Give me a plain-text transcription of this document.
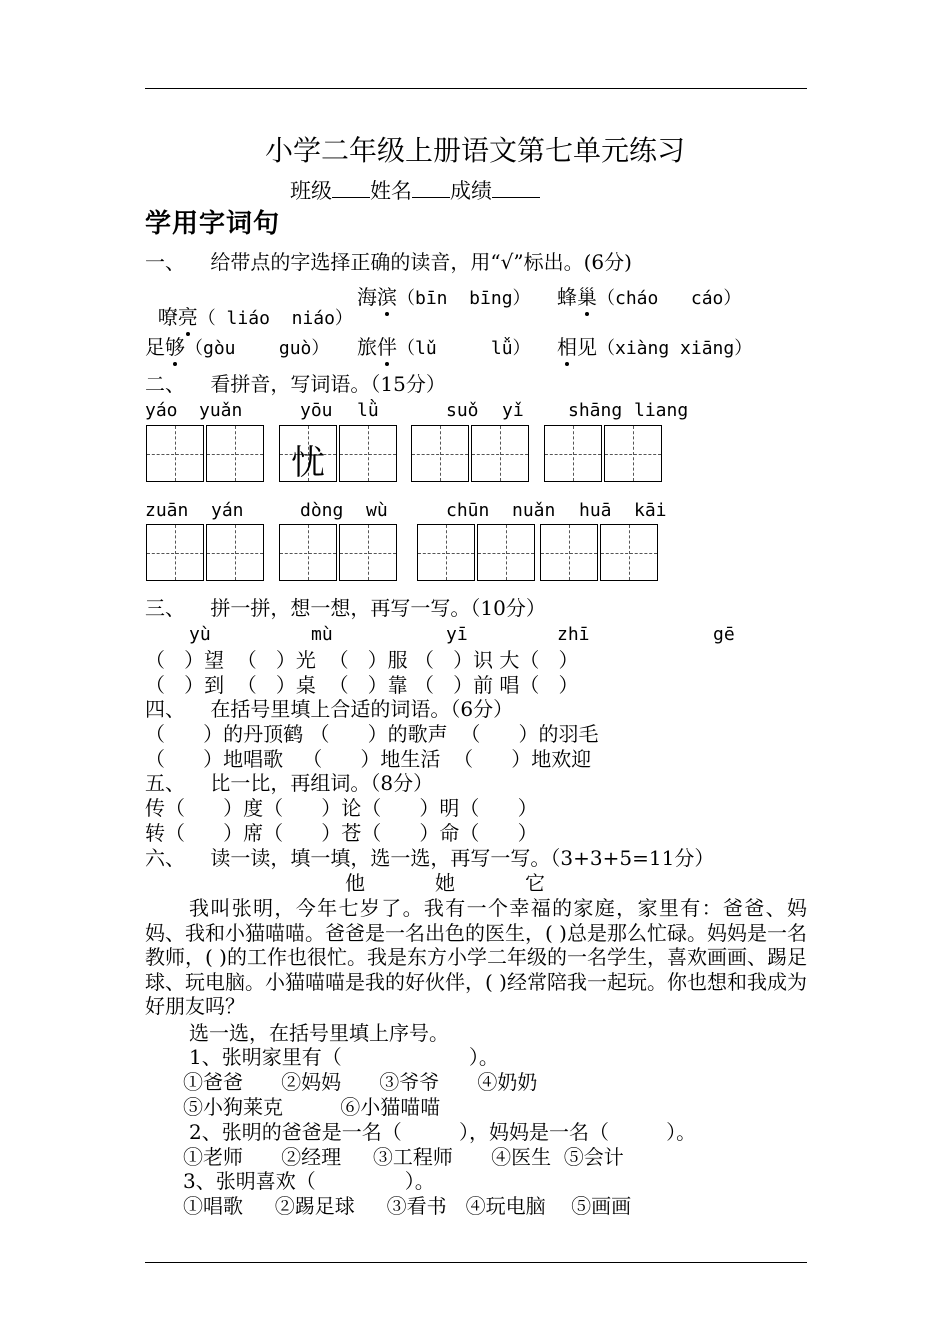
小学二年级上册语文第七单元练习
班级 姓名 成绩
学用字词句
一、    给带点的字选择正确的读音，用“√”标出。(6分)

嘹亮（ liáo  niáo）

海滨（bīn  bīng） 蜂巢（cháo   cáo）
足够（gòu    guò） 旅伴（lǔ     lǚ） 相见（xiàng xiāng）
二、    看拼音，写词语。（15分）
yáo yuǎn	yōu lǜ	suǒ yǐ shāng liang
忧
zuān yán	dòng wù	chūn nuǎn huā kāi
三、    拼一拼，想一想，再写一写。（10分）
yù	mù	yī	zhī	gē
（   ）望  （   ）光  （   ）服 （   ）识 大（   ）
（   ）到  （   ）桌  （   ）靠 （   ）前 唱（   ）
四、    在括号里填上合适的词语。（6分）
（      ）的丹顶鹤 （      ）的歌声  （      ）的羽毛
（      ）地唱歌   （      ）地生活  （      ）地欢迎
五、    比一比，再组词。（8分）
传（      ）度（      ）论（      ）明（      ）
转（      ）席（      ）苍（      ）命（      ）
六、    读一读，填一填，选一选，再写一写。（3+3+5=11分）
他	她	它
我叫张明，今年七岁了。我有一个幸福的家庭，家里有：爸爸、妈妈、我和小猫喵喵。爸爸是一名出色的医生，( )总是那么忙碌。妈妈是一名教师，( )的工作也很忙。我是东方小学二年级的一名学生，喜欢画画、踢足球、玩电脑。小猫喵喵是我的好伙伴，( )经常陪我一起玩。你也想和我成为好朋友吗？
选一选，在括号里填上序号。
1、张明家里有（                    ）。
①爸爸      ②妈妈      ③爷爷      ④奶奶
⑤小狗莱克         ⑥小猫喵喵
2、张明的爸爸是一名（         ），妈妈是一名（         ）。
①老师      ②经理     ③工程师      ④医生  ⑤会计
3、张明喜欢（              ）。
①唱歌     ②踢足球     ③看书   ④玩电脑    ⑤画画
